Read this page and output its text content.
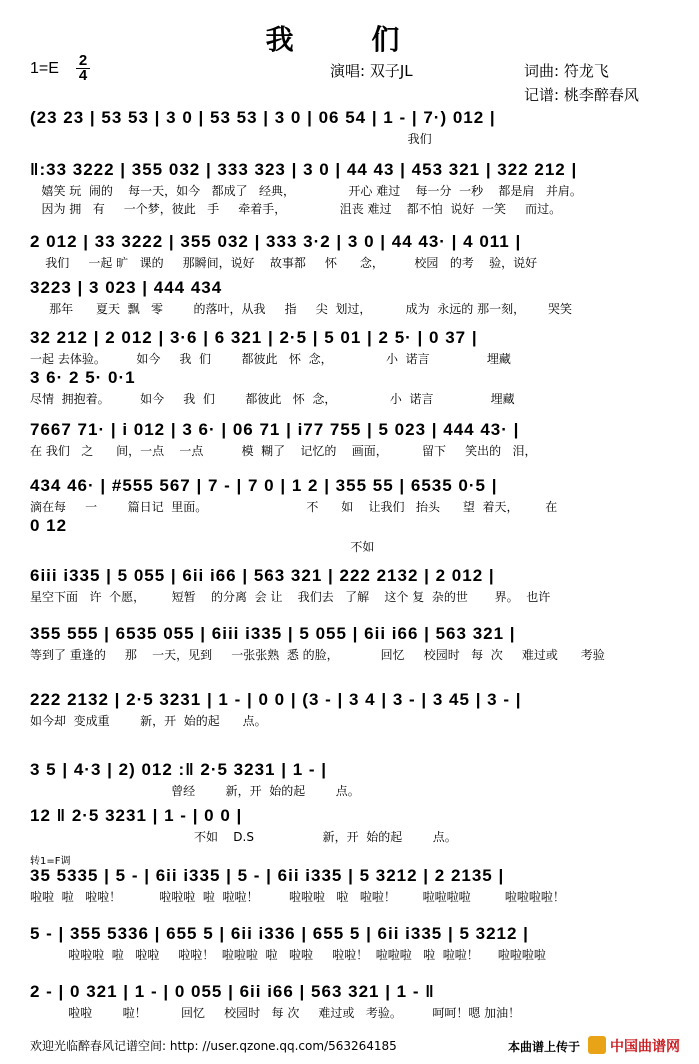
我 们
1=E 2
4	演唱: 双子JL	词曲: 符龙飞
记谱: 桃李醉春风
(23 23 | 53 53 | 3 0 | 53 53 | 3 0 | 06 54 | 1 - | 7·) 012 |
我们
‖:33 3222 | 355 032 | 333 323 | 3 0 | 44 43 | 453 321 | 322 212 |
嬉笑 玩  闹的    每一天，如今   都成了   经典，              开心 难过    每一分  一秒    都是肩   并肩。
因为 拥   有     一个梦，彼此   手     牵着手，              沮丧 难过    都不怕  说好  一笑     而过。
2 012 | 33 3222 | 355 032 | 333 3·2 | 3 0 | 44 43· | 4 011 |
我们     一起 旷   课的     那瞬间，说好    故事都     怀      念，        校园   的考    验，说好
3223 | 3 023 | 444 434
那年      夏天  飘   零        的落叶，从我     指     尖  划过，         成为  永远的 那一刻，      哭笑
32 212 | 2 012 | 3·6 | 6 321 | 2·5 | 5 01 | 2 5· | 0 37 |
一起 去体验。        如今     我  们        都彼此   怀  念，              小  诺言               埋藏
3 6· 2 5· 0·1
尽情  拥抱着。        如今     我  们        都彼此   怀  念，              小  诺言               埋藏
7667 71· | i 012 | 3 6· | 06 71 | i77 755 | 5 023 | 444 43· |
在 我们   之      间，一点    一点          模  糊了    记忆的    画面，         留下     笑出的   泪，
434 46· | #555 567 | 7 - | 7 0 | 1 2 | 355 55 | 6535 0·5 |
滴在每     一        篇日记  里面。                          不      如    让我们   抬头      望  着天，       在
0 12
不如
6iii i335 | 5 055 | 6ii i66 | 563 321 | 222 2132 | 2 012 |
星空下面   许  个愿，       短暂    的分离  会 让    我们去   了解    这个 复  杂的世       界。  也许
355 555 | 6535 055 | 6iii i335 | 5 055 | 6ii i66 | 563 321 |
等到了 重逢的     那    一天，见到     一张张熟  悉 的脸，           回忆     校园时   每  次     难过或      考验
222 2132 | 2·5 3231 | 1 - | 0 0 | (3 - | 3 4 | 3 - | 3 45 | 3 - |
如今却  变成重        新，开  始的起      点。
3 5 | 4·3 | 2) 012 :‖ 2·5 3231 | 1 - |
曾经        新，开  始的起        点。
12 ‖ 2·5 3231 | 1 - | 0 0 |
不如    D.S                  新，开  始的起        点。
35 5335 | 5 - | 6ii i335 | 5 - | 6ii i335 | 5 3212 | 2 2135 |
啦啦  啦   啦啦！          啦啦啦  啦  啦啦！        啦啦啦   啦   啦啦！       啦啦啦啦         啦啦啦啦！
转1=F调
5 - | 355 5336 | 655 5 | 6ii i336 | 655 5 | 6ii i335 | 5 3212 |
啦啦啦  啦   啦啦     啦啦！  啦啦啦  啦   啦啦     啦啦！  啦啦啦   啦  啦啦！     啦啦啦啦
2 - | 0 321 | 1 - | 0 055 | 6ii i66 | 563 321 | 1 - ‖
啦啦        啦！         回忆     校园时   每 次     难过或   考验。        呵呵！嗯 加油！
欢迎光临醉春风记谱空间: http: //user.qzone.qq.com/563264185	本曲谱上传于 中国曲谱网
